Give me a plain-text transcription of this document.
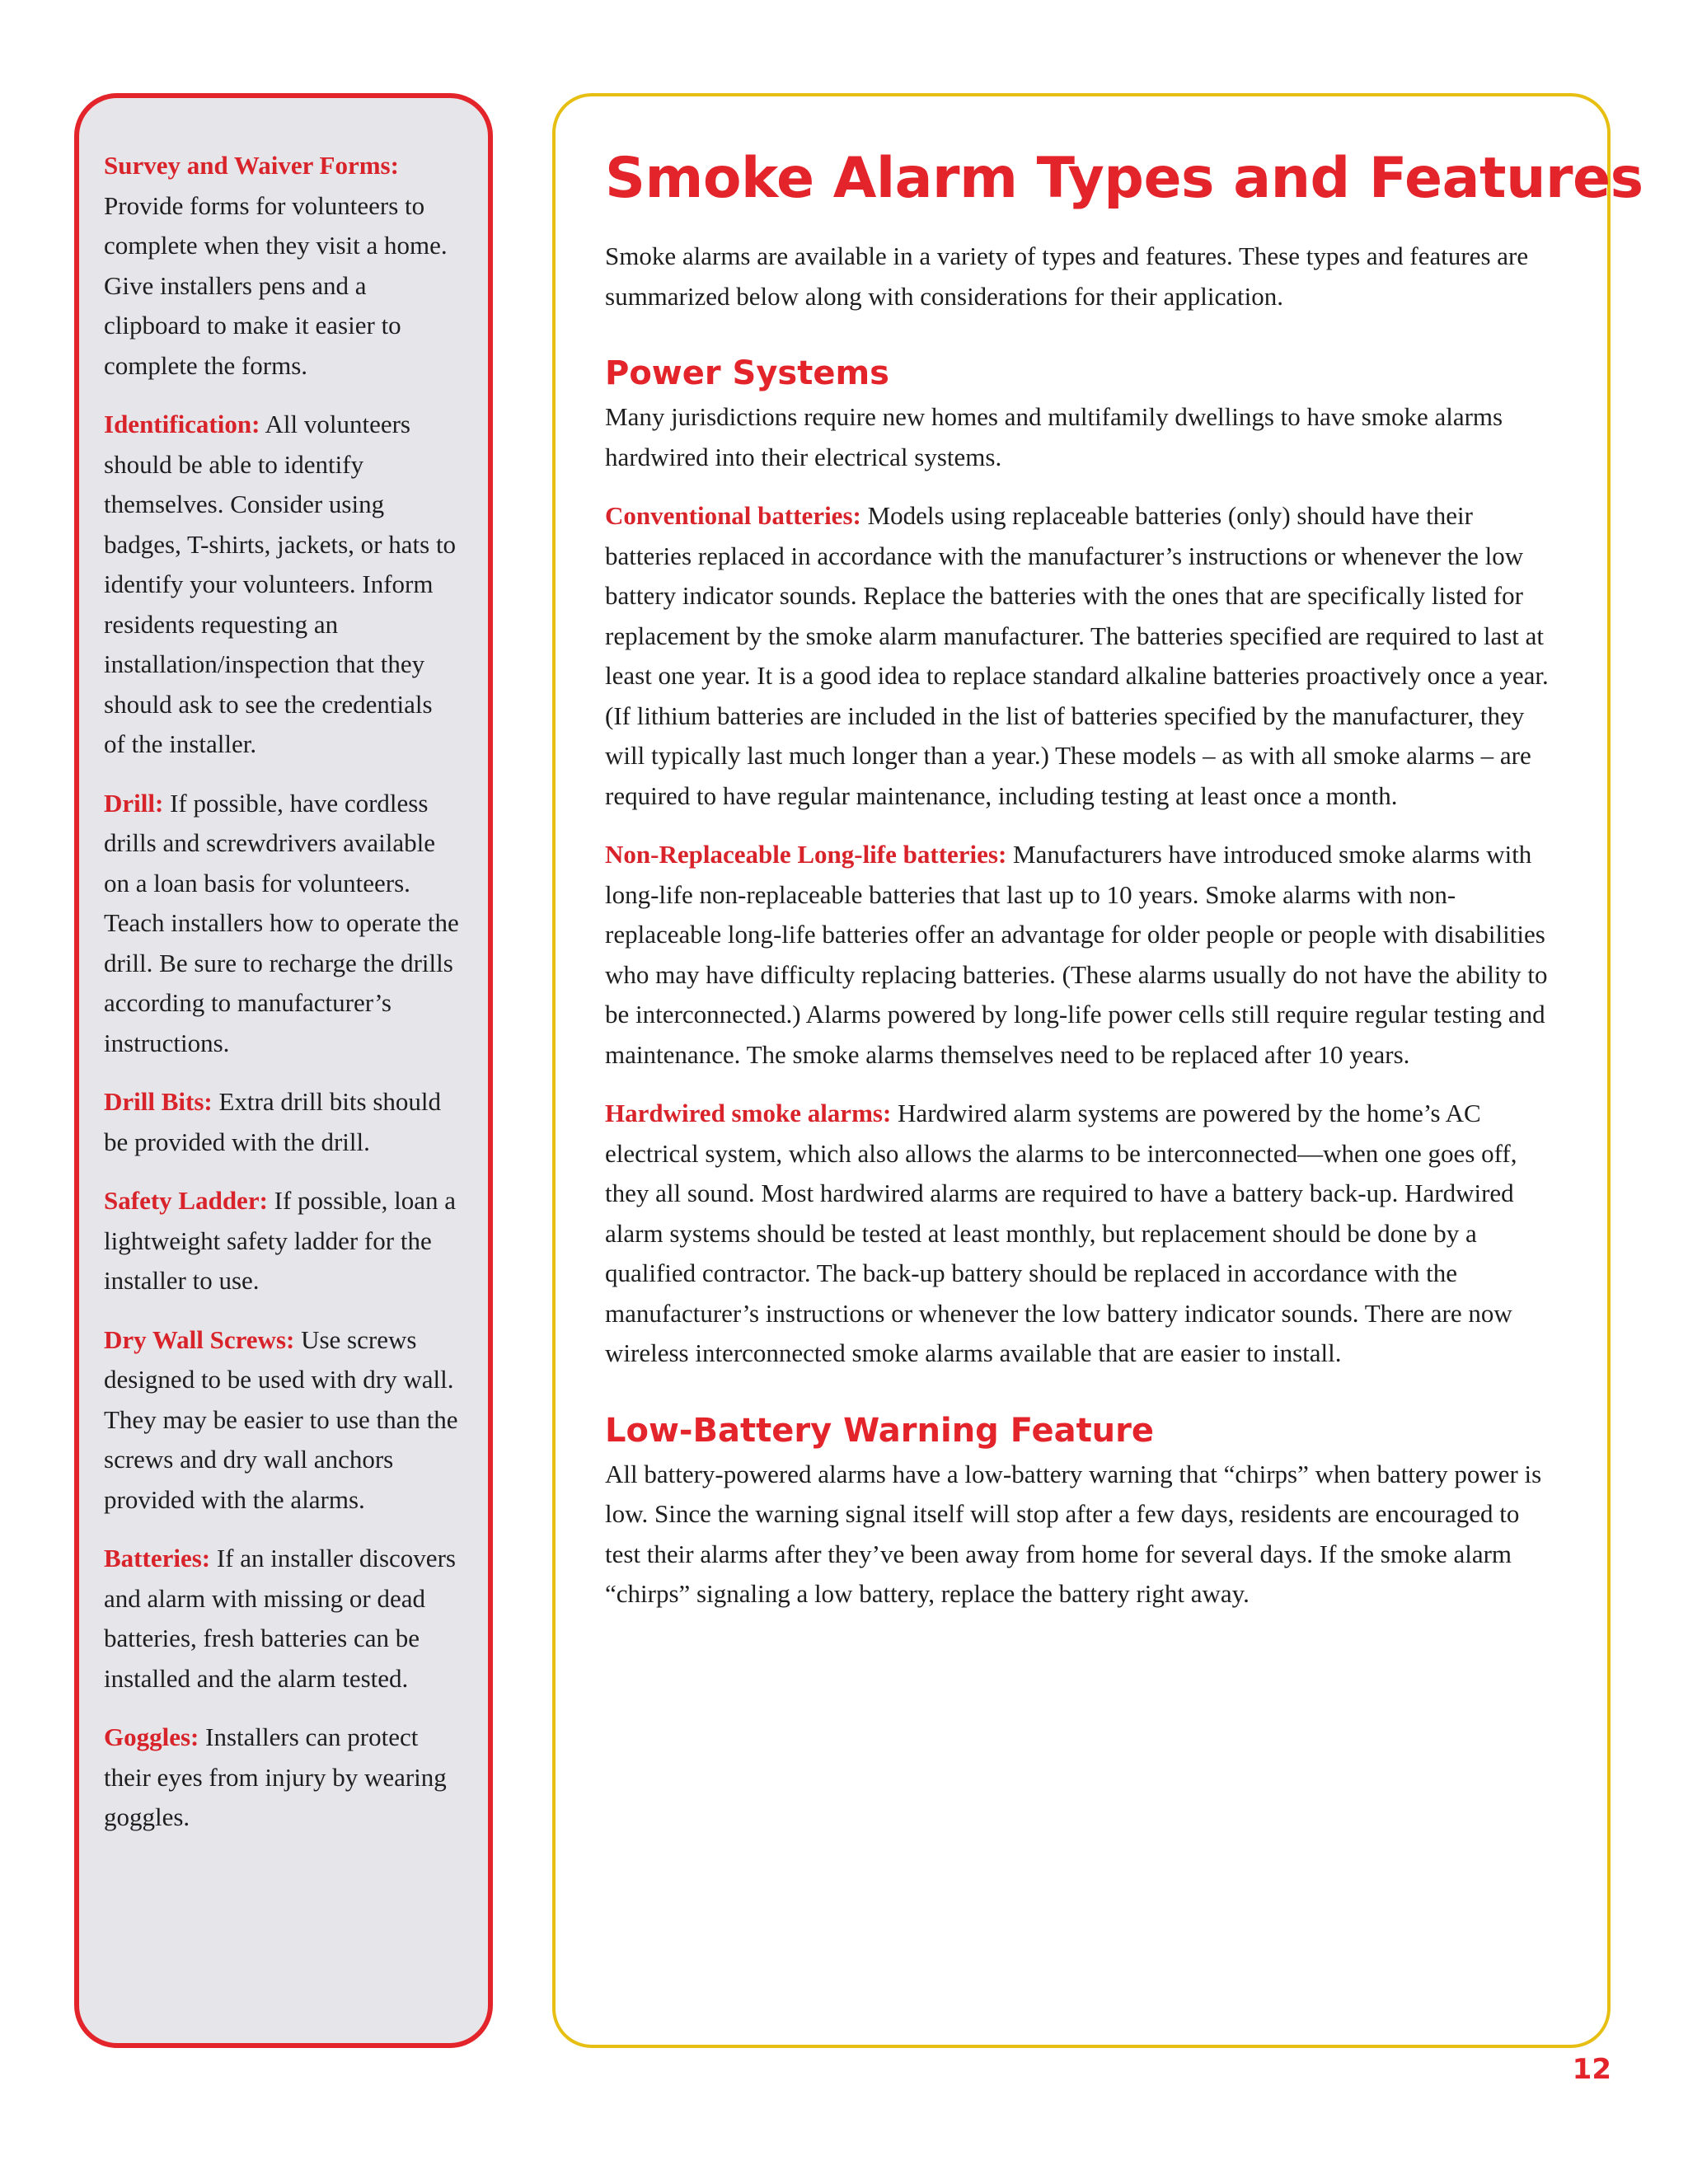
Survey and Waiver Forms: Provide forms for volunteers to complete when they visit a home. Give installers pens and a clipboard to make it easier to complete the forms.

Identification: All volunteers should be able to identify themselves. Consider using badges, T-shirts, jackets, or hats to identify your volunteers. Inform residents requesting an installation/inspection that they should ask to see the credentials of the installer.

Drill: If possible, have cordless drills and screwdrivers available on a loan basis for volunteers. Teach installers how to operate the drill. Be sure to recharge the drills according to manufacturer’s instructions.

Drill Bits: Extra drill bits should be provided with the drill.

Safety Ladder: If possible, loan a lightweight safety ladder for the installer to use.

Dry Wall Screws: Use screws designed to be used with dry wall. They may be easier to use than the screws and dry wall anchors provided with the alarms.

Batteries: If an installer discovers and alarm with missing or dead batteries, fresh batteries can be installed and the alarm tested.

Goggles: Installers can protect their eyes from injury by wearing goggles.

Smoke Alarm Types and Features

Smoke alarms are available in a variety of types and features. These types and features are summarized below along with considerations for their application.

Power Systems

Many jurisdictions require new homes and multifamily dwellings to have smoke alarms hardwired into their electrical systems.

Conventional batteries: Models using replaceable batteries (only) should have their batteries replaced in accordance with the manufacturer’s instructions or whenever the low battery indicator sounds. Replace the batteries with the ones that are specifically listed for replacement by the smoke alarm manufacturer. The batteries specified are required to last at least one year. It is a good idea to replace standard alkaline batteries proactively once a year. (If lithium batteries are included in the list of batteries specified by the manufacturer, they will typically last much longer than a year.) These models – as with all smoke alarms – are required to have regular maintenance, including testing at least once a month.

Non-Replaceable Long-life batteries: Manufacturers have introduced smoke alarms with long-life non-replaceable batteries that last up to 10 years. Smoke alarms with non-replaceable long-life batteries offer an advantage for older people or people with disabilities who may have difficulty replacing batteries. (These alarms usually do not have the ability to be interconnected.) Alarms powered by long-life power cells still require regular testing and maintenance. The smoke alarms themselves need to be replaced after 10 years.

Hardwired smoke alarms: Hardwired alarm systems are powered by the home’s AC electrical system, which also allows the alarms to be interconnected—when one goes off, they all sound. Most hardwired alarms are required to have a battery back-up. Hardwired alarm systems should be tested at least monthly, but replacement should be done by a qualified contractor. The back-up battery should be replaced in accordance with the manufacturer’s instructions or whenever the low battery indicator sounds. There are now wireless interconnected smoke alarms available that are easier to install.

Low-Battery Warning Feature

All battery-powered alarms have a low-battery warning that “chirps” when battery power is low. Since the warning signal itself will stop after a few days, residents are encouraged to test their alarms after they’ve been away from home for several days. If the smoke alarm “chirps” signaling a low battery, replace the battery right away.

12
